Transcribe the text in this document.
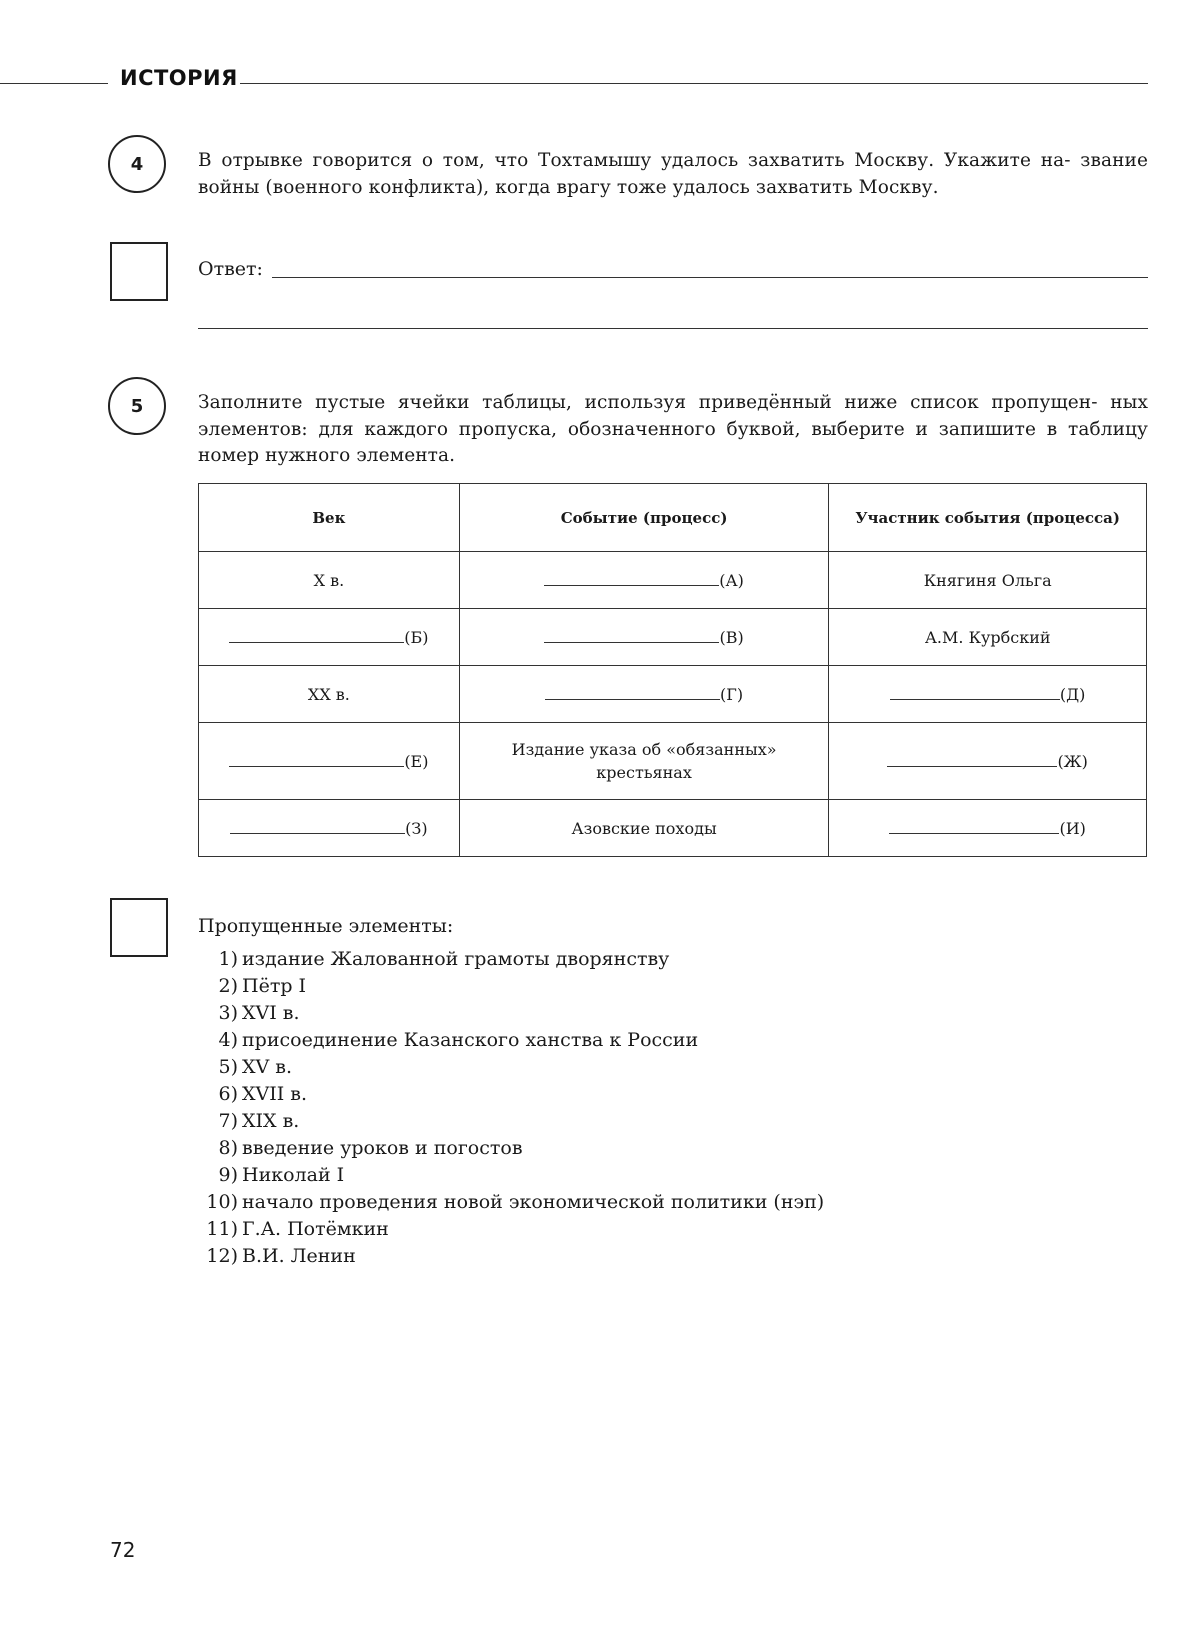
ИСТОРИЯ
4	В отрывке говорится о том, что Тохтамышу удалось захватить Москву. Укажите на- звание войны (военного конфликта), когда врагу тоже удалось захватить Москву.
Ответ:
5	Заполните пустые ячейки таблицы, используя приведённый ниже список пропущен- ных элементов: для каждого пропуска, обозначенного буквой, выберите и запишите в таблицу номер нужного элемента.
Век	Событие (процесс)	Участник события (процесса)
X в.	(А)	Княгиня Ольга
(Б)	(В)	А.М. Курбский
XX в.	(Г)	(Д)
(Е)	Издание указа об «обязанных» крестьянах	(Ж)
(З)	Азовские походы	(И)
Пропущенные элементы:
1) издание Жалованной грамоты дворянству
2) Пётр I
3) XVI в.
4) присоединение Казанского ханства к России
5) XV в.
6) XVII в.
7) XIX в.
8) введение уроков и погостов
9) Николай I
10) начало проведения новой экономической политики (нэп)
11) Г.А. Потёмкин
12) В.И. Ленин
72
